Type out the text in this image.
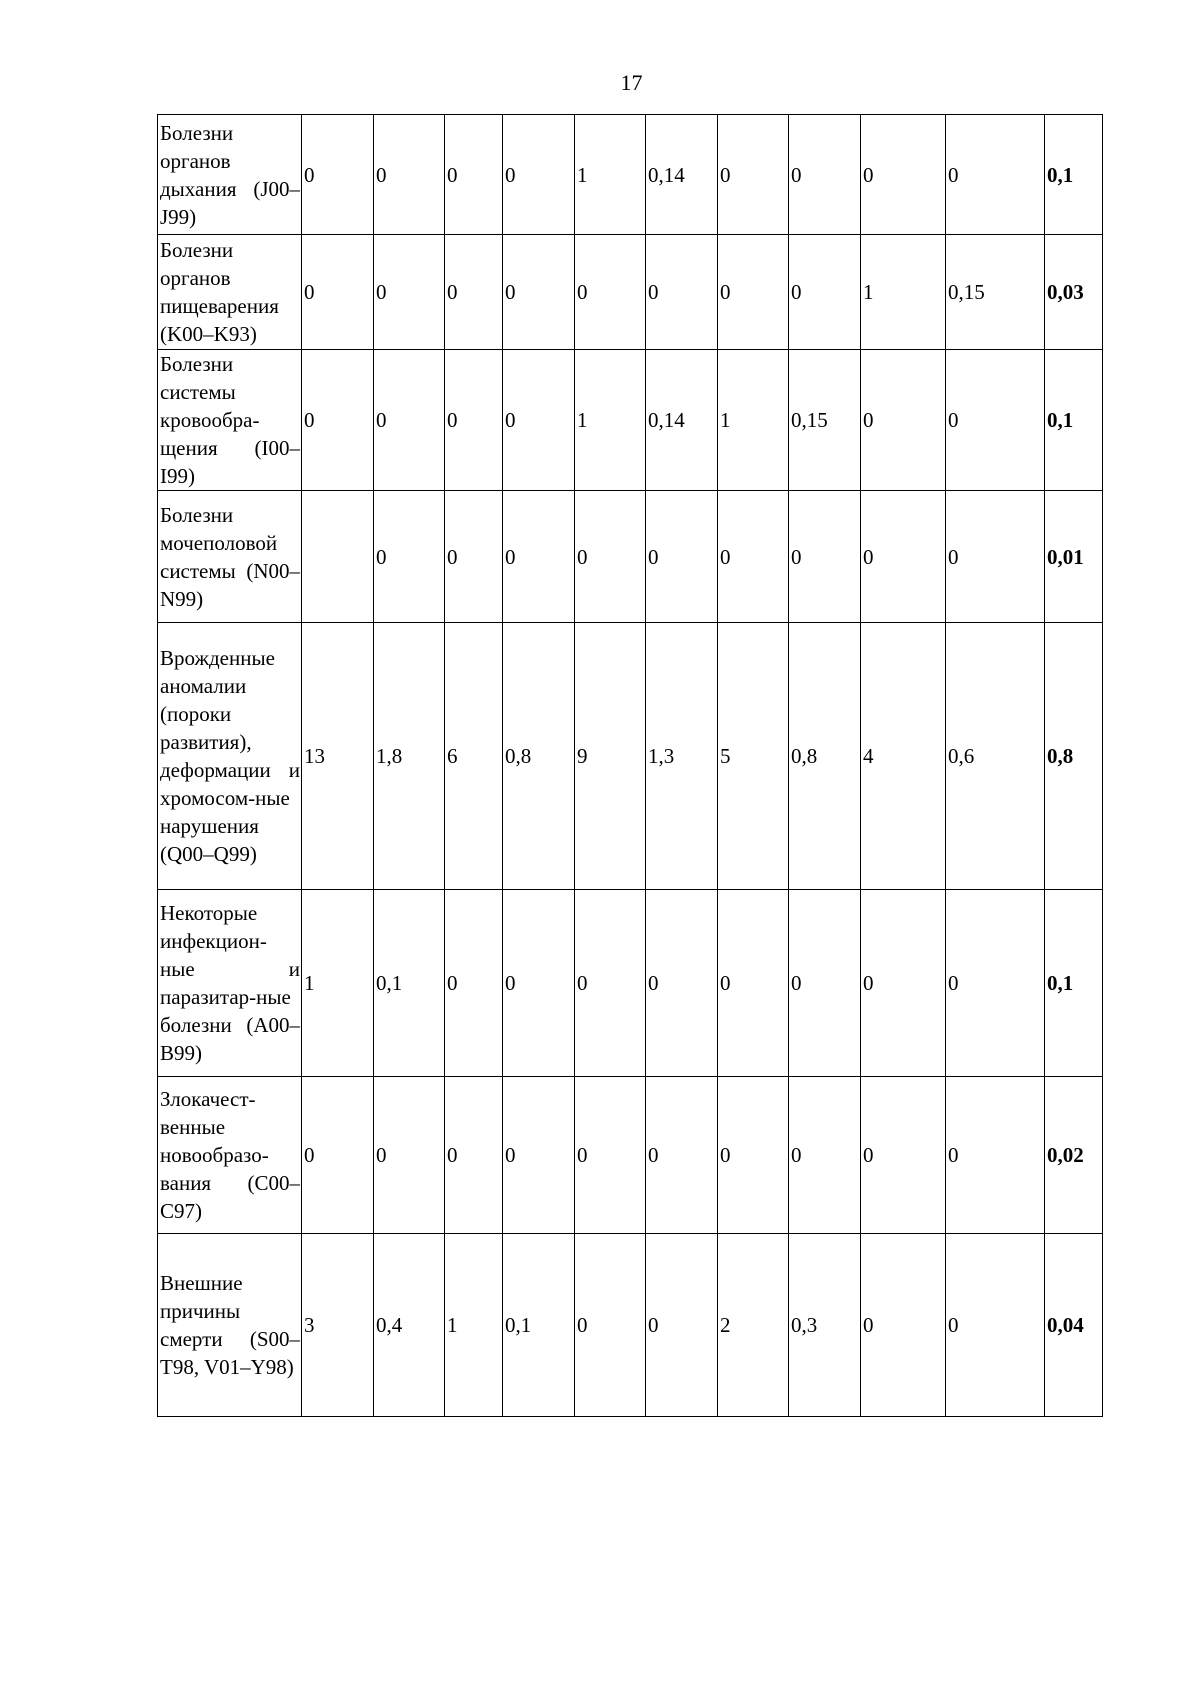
17
Болезни органов дыхания (J00–J99)	0	0	0	0	1	0,14	0	0	0	0	0,1
Болезни органов пищеварения (K00–K93)	0	0	0	0	0	0	0	0	1	0,15	0,03
Болезни системы кровообра-щения (I00–I99)	0	0	0	0	1	0,14	1	0,15	0	0	0,1
Болезни мочеполовой системы (N00–N99)		0	0	0	0	0	0	0	0	0	0,01
Врожденные аномалии (пороки развития), деформации и хромосом-ные нарушения (Q00–Q99)	13	1,8	6	0,8	9	1,3	5	0,8	4	0,6	0,8
Некоторые инфекцион-ные и паразитар-ные болезни (A00–B99)	1	0,1	0	0	0	0	0	0	0	0	0,1
Злокачест-венные новообразо-вания (C00–C97)	0	0	0	0	0	0	0	0	0	0	0,02
Внешние причины смерти (S00–T98, V01–Y98)	3	0,4	1	0,1	0	0	2	0,3	0	0	0,04
